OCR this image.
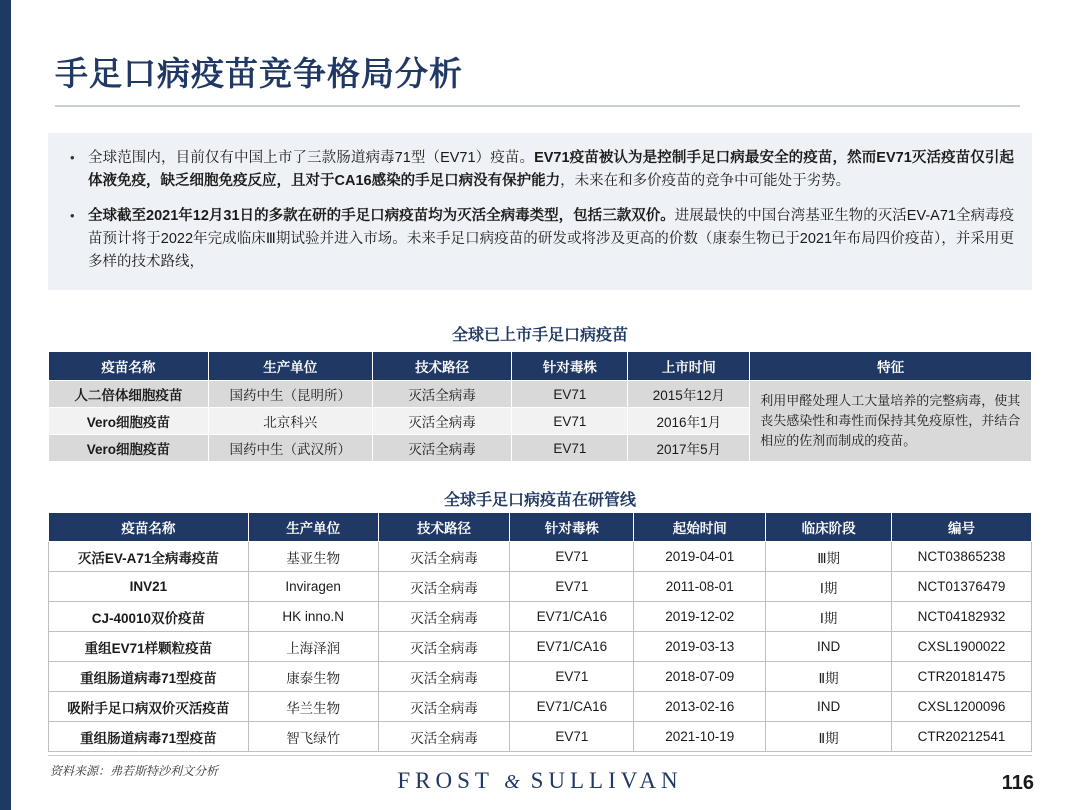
手足口病疫苗竞争格局分析
• 全球范围内，目前仅有中国上市了三款肠道病毒71型（EV71）疫苗。EV71疫苗被认为是控制手足口病最安全的疫苗，然而EV71灭活疫苗仅引起体液免疫，缺乏细胞免疫反应，且对于CA16感染的手足口病没有保护能力，未来在和多价疫苗的竞争中可能处于劣势。
• 全球截至2021年12月31日的多款在研的手足口病疫苗均为灭活全病毒类型，包括三款双价。进展最快的中国台湾基亚生物的灭活EV-A71全病毒疫苗预计将于2022年完成临床Ⅲ期试验并进入市场。未来手足口病疫苗的研发或将涉及更高的价数（康泰生物已于2021年布局四价疫苗），并采用更多样的技术路线，
全球已上市手足口病疫苗
疫苗名称	生产单位	技术路径	针对毒株	上市时间	特征
人二倍体细胞疫苗	国药中生（昆明所）	灭活全病毒	EV71	2015年12月	利用甲醛处理人工大量培养的完整病毒，使其丧失感染性和毒性而保持其免疫原性，并结合相应的佐剂而制成的疫苗。
Vero细胞疫苗	北京科兴	灭活全病毒	EV71	2016年1月	
Vero细胞疫苗	国药中生（武汉所）	灭活全病毒	EV71	2017年5月	
全球手足口病疫苗在研管线
疫苗名称	生产单位	技术路径	针对毒株	起始时间	临床阶段	编号
灭活EV-A71全病毒疫苗	基亚生物	灭活全病毒	EV71	2019-04-01	Ⅲ期	NCT03865238
INV21	Inviragen	灭活全病毒	EV71	2011-08-01	Ⅰ期	NCT01376479
CJ-40010双价疫苗	HK inno.N	灭活全病毒	EV71/CA16	2019-12-02	Ⅰ期	NCT04182932
重组EV71样颗粒疫苗	上海泽润	灭活全病毒	EV71/CA16	2019-03-13	IND	CXSL1900022
重组肠道病毒71型疫苗	康泰生物	灭活全病毒	EV71	2018-07-09	Ⅱ期	CTR20181475
吸附手足口病双价灭活疫苗	华兰生物	灭活全病毒	EV71/CA16	2013-02-16	IND	CXSL1200096
重组肠道病毒71型疫苗	智飞绿竹	灭活全病毒	EV71	2021-10-19	Ⅱ期	CTR20212541
资料来源：弗若斯特沙利文分析	FROST & SULLIVAN	116
